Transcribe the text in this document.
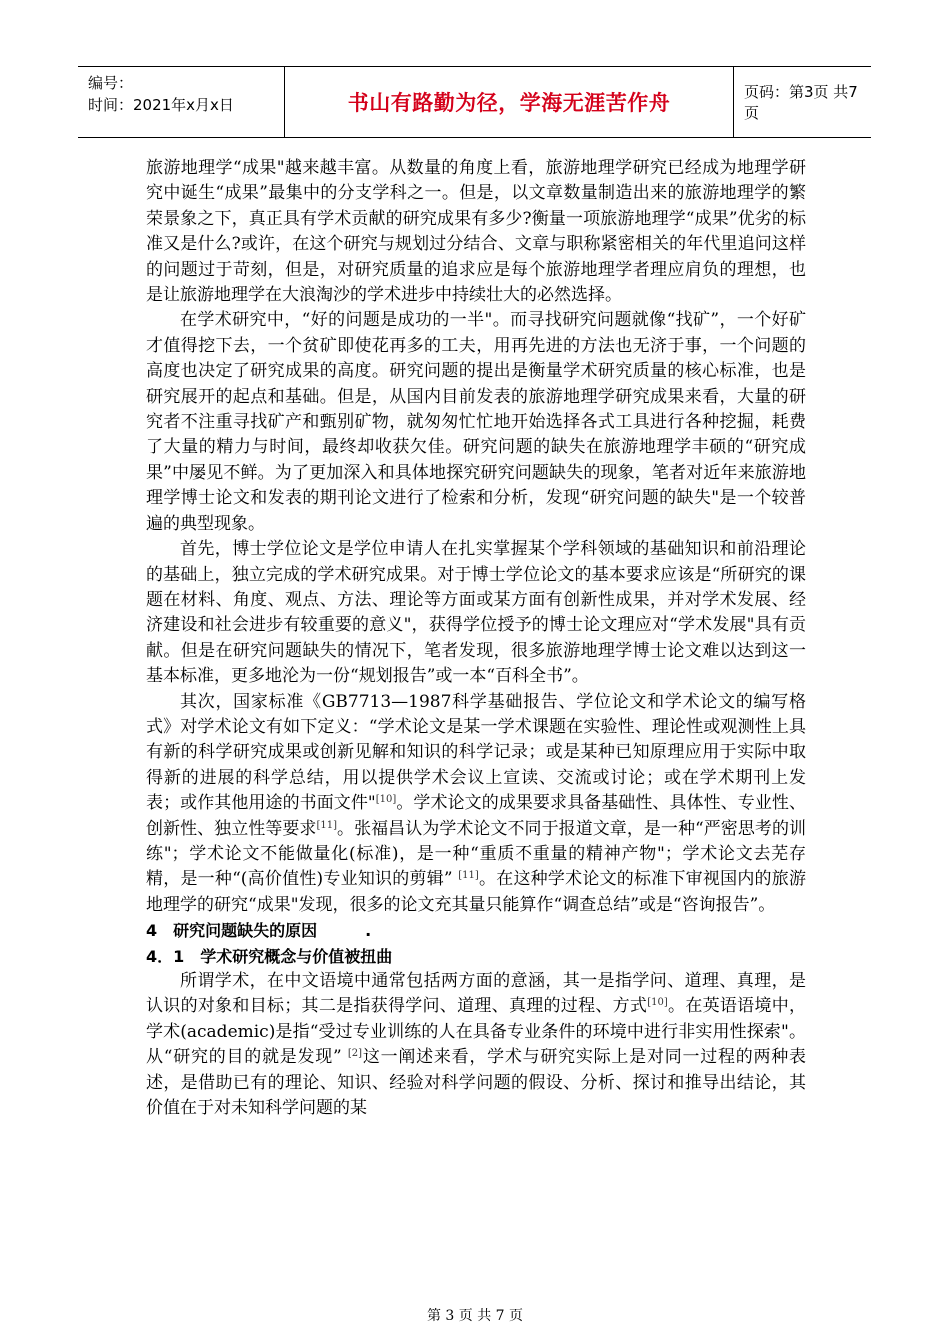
编号：
时间：2021年x月x日	书山有路勤为径，学海无涯苦作舟	页码：第3页 共7页

旅游地理学“成果"越来越丰富。从数量的角度上看，旅游地理学研究已经成为地理学研究中诞生“成果”最集中的分支学科之一。但是，以文章数量制造出来的旅游地理学的繁荣景象之下，真正具有学术贡献的研究成果有多少?衡量一项旅游地理学“成果”优劣的标准又是什么?或许，在这个研究与规划过分结合、文章与职称紧密相关的年代里追问这样的问题过于苛刻，但是，对研究质量的追求应是每个旅游地理学者理应肩负的理想，也是让旅游地理学在大浪淘沙的学术进步中持续壮大的必然选择。

在学术研究中，“好的问题是成功的一半"。而寻找研究问题就像“找矿”，一个好矿才值得挖下去，一个贫矿即使花再多的工夫，用再先进的方法也无济于事，一个问题的高度也决定了研究成果的高度。研究问题的提出是衡量学术研究质量的核心标准，也是研究展开的起点和基础。但是，从国内目前发表的旅游地理学研究成果来看，大量的研究者不注重寻找矿产和甄别矿物，就匆匆忙忙地开始选择各式工具进行各种挖掘，耗费了大量的精力与时间，最终却收获欠佳。研究问题的缺失在旅游地理学丰硕的“研究成果”中屡见不鲜。为了更加深入和具体地探究研究问题缺失的现象，笔者对近年来旅游地理学博士论文和发表的期刊论文进行了检索和分析，发现“研究问题的缺失"是一个较普遍的典型现象。

首先，博士学位论文是学位申请人在扎实掌握某个学科领域的基础知识和前沿理论的基础上，独立完成的学术研究成果。对于博士学位论文的基本要求应该是“所研究的课题在材料、角度、观点、方法、理论等方面或某方面有创新性成果，并对学术发展、经济建设和社会进步有较重要的意义"，获得学位授予的博士论文理应对“学术发展"具有贡献。但是在研究问题缺失的情况下，笔者发现，很多旅游地理学博士论文难以达到这一基本标准，更多地沦为一份“规划报告”或一本“百科全书”。

其次，国家标准《GB7713—1987科学基础报告、学位论文和学术论文的编写格式》对学术论文有如下定义：“学术论文是某一学术课题在实验性、理论性或观测性上具有新的科学研究成果或创新见解和知识的科学记录；或是某种已知原理应用于实际中取得新的进展的科学总结，用以提供学术会议上宣读、交流或讨论；或在学术期刊上发表；或作其他用途的书面文件"[10]。学术论文的成果要求具备基础性、具体性、专业性、创新性、独立性等要求[11]。张福昌认为学术论文不同于报道文章，是一种“严密思考的训练"；学术论文不能做量化(标准)，是一种“重质不重量的精神产物"；学术论文去芜存精，是一种“(高价值性)专业知识的剪辑” [11]。在这种学术论文的标准下审视国内的旅游地理学的研究“成果"发现，很多的论文充其量只能算作“调查总结”或是“咨询报告”。

4　研究问题缺失的原因　　　.

4．1　学术研究概念与价值被扭曲

所谓学术，在中文语境中通常包括两方面的意涵，其一是指学问、道理、真理，是认识的对象和目标；其二是指获得学问、道理、真理的过程、方式[10]。在英语语境中，学术(academic)是指“受过专业训练的人在具备专业条件的环境中进行非实用性探索"。从“研究的目的就是发现” [2]这一阐述来看，学术与研究实际上是对同一过程的两种表述，是借助已有的理论、知识、经验对科学问题的假设、分析、探讨和推导出结论，其价值在于对未知科学问题的某

第 3 页 共 7 页
